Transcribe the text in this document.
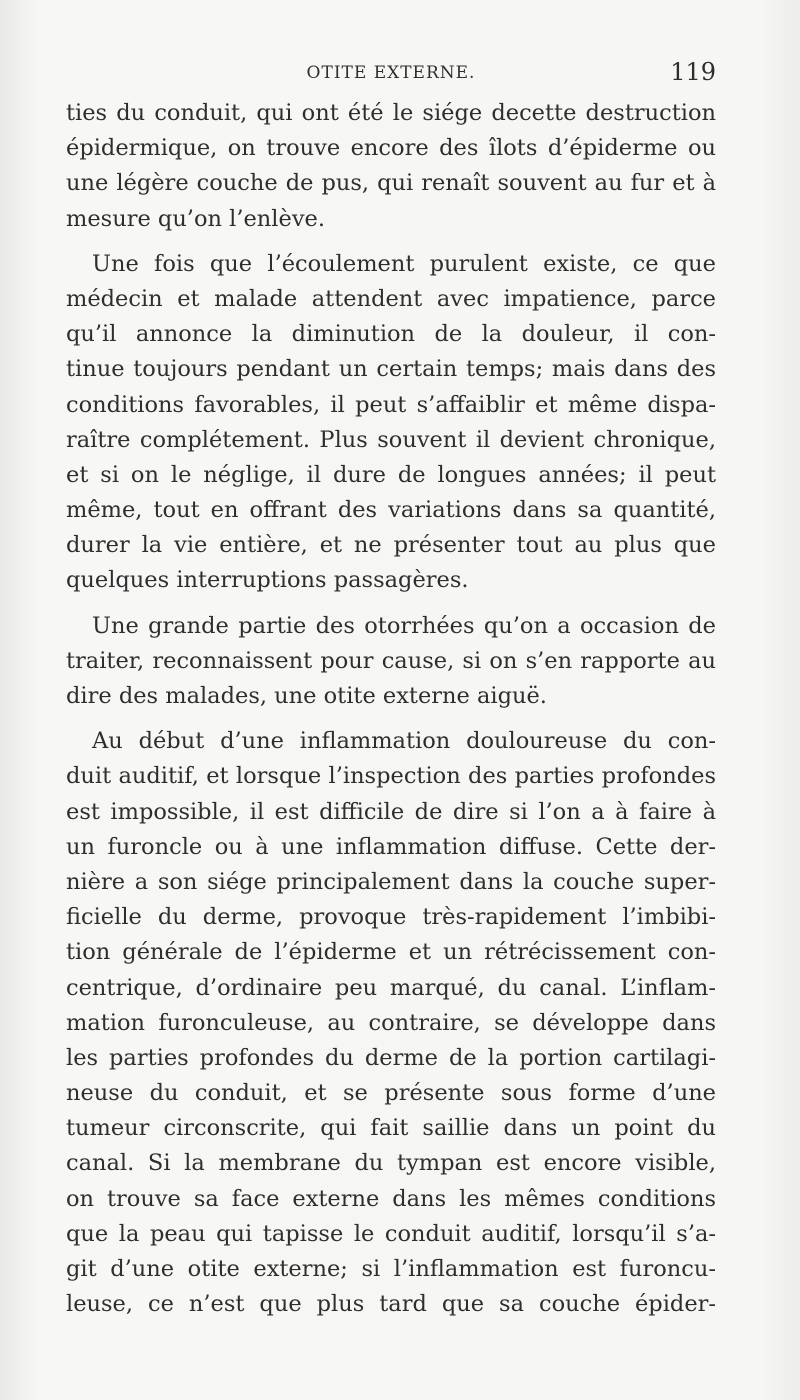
OTITE EXTERNE.	119
ties du conduit, qui ont été le siége decette destruction
épidermique, on trouve encore des îlots d’épiderme ou
une légère couche de pus, qui renaît souvent au fur et à
mesure qu’on l’enlève.
Une fois que l’écoulement purulent existe, ce que
médecin et malade attendent avec impatience, parce
qu’il annonce la diminution de la douleur, il con-
tinue toujours pendant un certain temps; mais dans des
conditions favorables, il peut s’affaiblir et même dispa-
raître complétement. Plus souvent il devient chronique,
et si on le néglige, il dure de longues années; il peut
même, tout en offrant des variations dans sa quantité,
durer la vie entière, et ne présenter tout au plus que
quelques interruptions passagères.
Une grande partie des otorrhées qu’on a occasion de
traiter, reconnaissent pour cause, si on s’en rapporte au
dire des malades, une otite externe aiguë.
Au début d’une inflammation douloureuse du con-
duit auditif, et lorsque l’inspection des parties profondes
est impossible, il est difficile de dire si l’on a à faire à
un furoncle ou à une inflammation diffuse. Cette der-
nière a son siége principalement dans la couche super-
ficielle du derme, provoque très-rapidement l’imbibi-
tion générale de l’épiderme et un rétrécissement con-
centrique, d’ordinaire peu marqué, du canal. L’inflam-
mation furonculeuse, au contraire, se développe dans
les parties profondes du derme de la portion cartilagi-
neuse du conduit, et se présente sous forme d’une
tumeur circonscrite, qui fait saillie dans un point du
canal. Si la membrane du tympan est encore visible,
on trouve sa face externe dans les mêmes conditions
que la peau qui tapisse le conduit auditif, lorsqu’il s’a-
git d’une otite externe; si l’inflammation est furoncu-
leuse, ce n’est que plus tard que sa couche épider-
